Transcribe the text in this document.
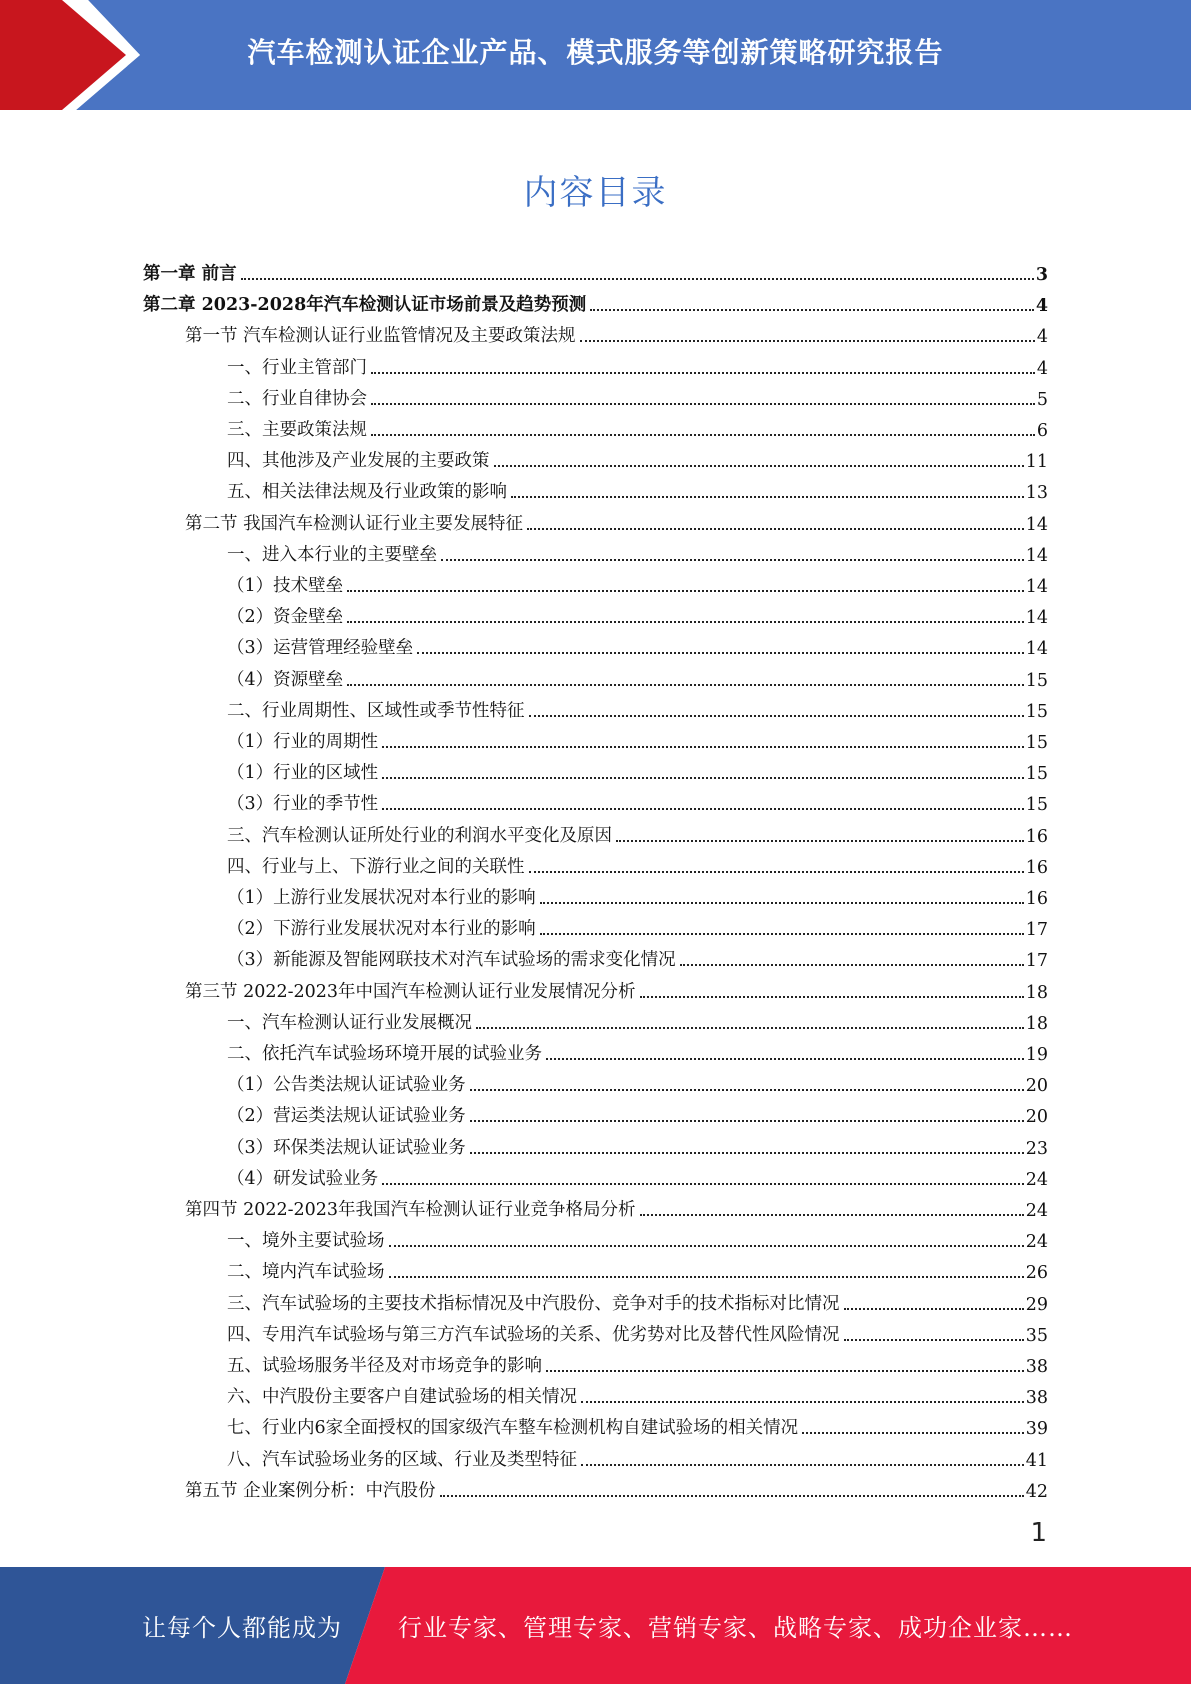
汽车检测认证企业产品、模式服务等创新策略研究报告
内容目录
第一章 前言	3
第二章 2023-2028年汽车检测认证市场前景及趋势预测	4
第一节 汽车检测认证行业监管情况及主要政策法规	4
一、行业主管部门	4
二、行业自律协会	5
三、主要政策法规	6
四、其他涉及产业发展的主要政策	11
五、相关法律法规及行业政策的影响	13
第二节 我国汽车检测认证行业主要发展特征	14
一、进入本行业的主要壁垒	14
（1）技术壁垒	14
（2）资金壁垒	14
（3）运营管理经验壁垒	14
（4）资源壁垒	15
二、行业周期性、区域性或季节性特征	15
（1）行业的周期性	15
（1）行业的区域性	15
（3）行业的季节性	15
三、汽车检测认证所处行业的利润水平变化及原因	16
四、行业与上、下游行业之间的关联性	16
（1）上游行业发展状况对本行业的影响	16
（2）下游行业发展状况对本行业的影响	17
（3）新能源及智能网联技术对汽车试验场的需求变化情况	17
第三节 2022-2023年中国汽车检测认证行业发展情况分析	18
一、汽车检测认证行业发展概况	18
二、依托汽车试验场环境开展的试验业务	19
（1）公告类法规认证试验业务	20
（2）营运类法规认证试验业务	20
（3）环保类法规认证试验业务	23
（4）研发试验业务	24
第四节 2022-2023年我国汽车检测认证行业竞争格局分析	24
一、境外主要试验场	24
二、境内汽车试验场	26
三、汽车试验场的主要技术指标情况及中汽股份、竞争对手的技术指标对比情况	29
四、专用汽车试验场与第三方汽车试验场的关系、优劣势对比及替代性风险情况	35
五、试验场服务半径及对市场竞争的影响	38
六、中汽股份主要客户自建试验场的相关情况	38
七、行业内6家全面授权的国家级汽车整车检测机构自建试验场的相关情况	39
八、汽车试验场业务的区域、行业及类型特征	41
第五节 企业案例分析：中汽股份	42
1
让每个人都能成为 行业专家、管理专家、营销专家、战略专家、成功企业家……
